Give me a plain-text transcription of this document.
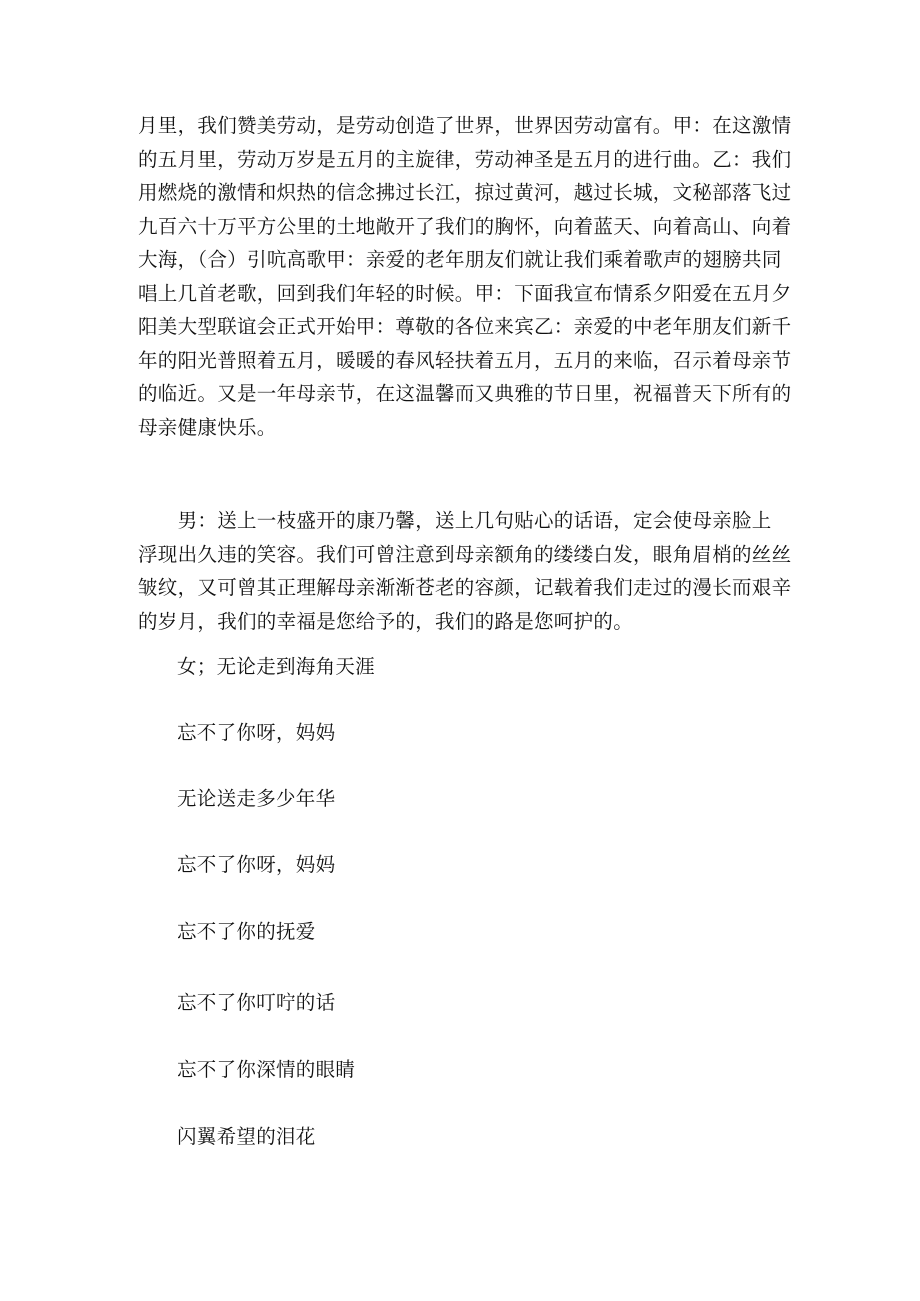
月里，我们赞美劳动，是劳动创造了世界，世界因劳动富有。甲：在这激情
的五月里，劳动万岁是五月的主旋律，劳动神圣是五月的进行曲。乙：我们
用燃烧的激情和炽热的信念拂过长江，掠过黄河，越过长城，文秘部落飞过
九百六十万平方公里的土地敞开了我们的胸怀，向着蓝天、向着高山、向着
大海，（合）引吭高歌甲：亲爱的老年朋友们就让我们乘着歌声的翅膀共同
唱上几首老歌，回到我们年轻的时候。甲：下面我宣布情系夕阳爱在五月夕
阳美大型联谊会正式开始甲：尊敬的各位来宾乙：亲爱的中老年朋友们新千
年的阳光普照着五月，暖暖的春风轻扶着五月，五月的来临，召示着母亲节
的临近。又是一年母亲节，在这温馨而又典雅的节日里，祝福普天下所有的
母亲健康快乐。
　　男：送上一枝盛开的康乃馨，送上几句贴心的话语，定会使母亲脸上
浮现出久违的笑容。我们可曾注意到母亲额角的缕缕白发，眼角眉梢的丝丝
皱纹，又可曾其正理解母亲渐渐苍老的容颜，记载着我们走过的漫长而艰辛
的岁月，我们的幸福是您给予的，我们的路是您呵护的。

女；无论走到海角天涯

忘不了你呀，妈妈

无论送走多少年华

忘不了你呀，妈妈

忘不了你的抚爱

忘不了你叮咛的话

忘不了你深情的眼睛

闪翼希望的泪花
